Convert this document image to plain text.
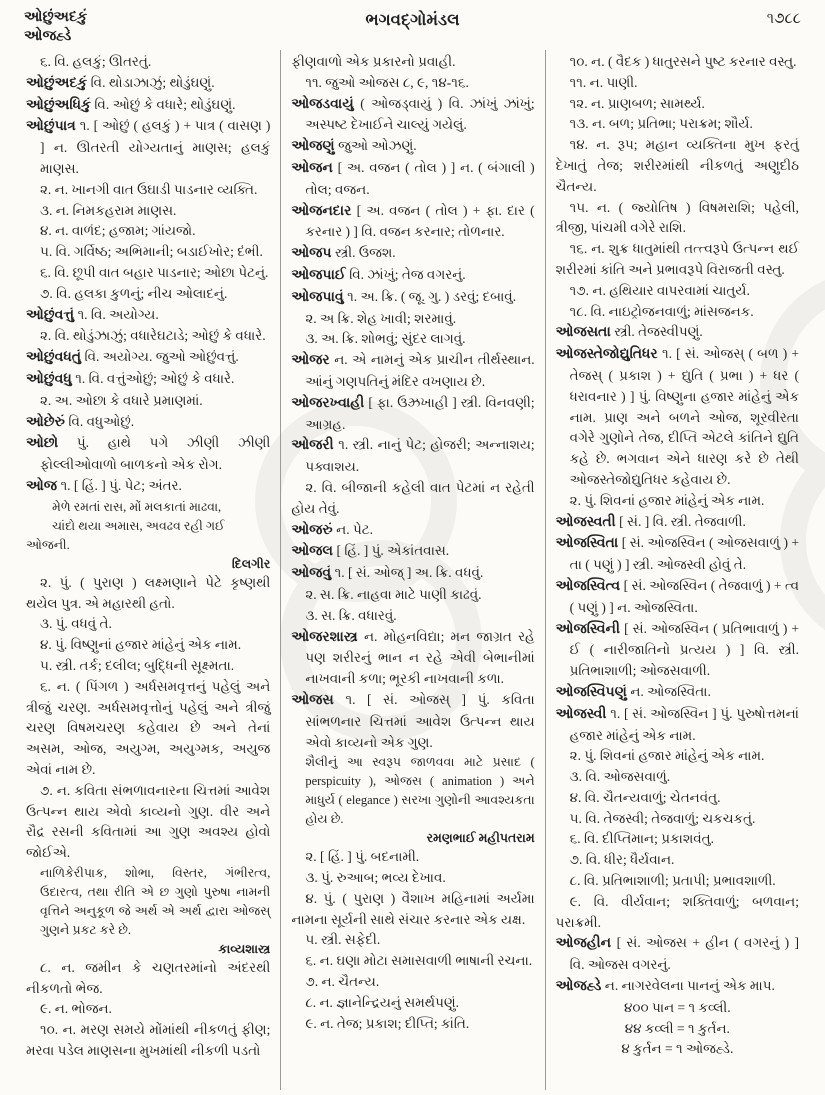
ઓછુંઅદકું
ઓજહ્ડે
ભગવદ્ગોમંડલ	૧૭૮૮

૬. વિ. હલકું; ઊતરતું.

ઓછુંઅદકું વિ. થોડાઝાઝું; થોડુંઘણું.

ઓછુંઅધિકું વિ. ઓછું કે વધારે; થોડુંઘણું.

ઓછુંપાત્ર ૧. [ ઓછું ( હલકું ) + પાત્ર ( વાસણ ) ] ન. ઊતરતી યોગ્યતાનું માણસ; હલકું માણસ.

૨. ન. ખાનગી વાત ઉઘાડી પાડનાર વ્યક્તિ.

૩. ન. નિમકહરામ માણસ.

૪. ન. વાળંદ; હજામ; ગાંયજો.

૫. વિ. ગર્વિષ્ઠ; અભિમાની; બડાઈખોર; દંભી.

૬. વિ. છૂપી વાત બહાર પાડનાર; ઓછા પેટનું.

૭. વિ. હલકા કુળનું; નીચ ઓલાદનું.

ઓછુંવત્તું ૧. વિ. અયોગ્ય.

૨. વિ. થોડુંઝાઝું; વધારેઘટાડે; ઓછું કે વધારે.

ઓછુંવધતું વિ. અયોગ્ય. જુઓ ઓછુંવત્તું.

ઓછુંવધુ ૧. વિ. વત્તુંઓછું; ઓછું કે વધારે.

૨. અ. ઓછા કે વધારે પ્રમાણમાં.

ઓછેરું વિ. વધુઓછું.

ઓછો પું. હાથે પગે ઝીણી ઝીણી ફોલ્લીઓવાળો બાળકનો એક રોગ.

ઓજ ૧. [ હિં. ] પું. પેટ; અંતર.

મેળે રમતાં રાસ, મોં મલકાતાં માઢવા,

ચાંદો થયા અમાસ, અવઢવ રહી ગઈ ઓજની.

દિલગીર

૨. પું. ( પુરાણ ) લક્ષ્મણાને પેટે કૃષ્ણથી થયેલ પુત્ર. એ મહારથી હતો.

૩. પું. વધવું તે.

૪. પું. વિષ્ણુનાં હજાર માંહેનું એક નામ.

૫. સ્ત્રી. તર્ક; દલીલ; બુદ્ધિની સૂક્ષ્મતા.

૬. ન. ( પિંગળ ) અર્ધસમવૃત્તનું પહેલું અને ત્રીજું ચરણ. અર્ધસમવૃત્તોનું પહેલું અને ત્રીજું ચરણ વિષમચરણ કહેવાય છે અને તેનાં અસમ, ઓજ, અયુગ્મ, અયુગ્મક, અયુજ એવાં નામ છે.

૭. ન. કવિતા સંભળાવનારના ચિત્તમાં આવેશ ઉત્પન્ન થાય એવો કાવ્યનો ગુણ. વીર અને રૌદ્ર રસની કવિતામાં આ ગુણ અવશ્ય હોવો જોઈએ.

નાળિકેરીપાક, શોભા, વિસ્તર, ગંભીરત્વ, ઉદારત્વ, તથા રીતિ એ છ ગુણો પુરુષા નામની વૃત્તિને અનુકૂળ જે અર્થ એ અર્થ દ્વારા ઓજસ્ ગુણને પ્રકટ કરે છે.

કાવ્યશાસ્ત્ર

૮. ન. જમીન કે ચણતરમાંનો અંદરથી નીકળતો ભેજ.

૯. ન. ભોજન.

૧૦. ન. મરણ સમયે મોંમાંથી નીકળતું ફીણ; મરવા પડેલ માણસના મુખમાંથી નીકળી પડતો

ફીણવાળો એક પ્રકારનો પ્રવાહી.

૧૧. જુઓ ઓજસ ૮, ૯, ૧૪-૧૬.

ઓજડવાયું ( ઓજડ્વાયું ) વિ. ઝાંખું ઝાંખું; અસ્પષ્ટ દેખાઈને ચાલ્યું ગયેલું.

ઓજણું જુઓ ઓઝણું.

ઓજન [ અ. વજન ( તોલ ) ] ન. ( બંગાલી ) તોલ; વજન.

ઓજનદાર [ અ. વજન ( તોલ ) + ફા. દાર ( કરનાર ) ] વિ. વજન કરનાર; તોળનાર.

ઓજપ સ્ત્રી. ઉજશ.

ઓજપાઈ વિ. ઝાંખું; તેજ વગરનું.

ઓજપાવું ૧. અ. ક્રિ. ( જૂ. ગુ. ) ડરવું; દબાવું.

૨. અ ક્રિ. શેહ ખાવી; શરમાવું.

૩. અ. ક્રિ. શોભવું; સુંદર લાગવું.

ઓજર ન. એ નામનું એક પ્રાચીન તીર્થસ્થાન. આંનું ગણપતિનું મંદિર વખણાય છે.

ઓજરખ્વાહી [ ફા. ઉઝ્રખાહી ] સ્ત્રી. વિનવણી; આગ્રહ.

ઓજરી ૧. સ્ત્રી. નાનું પેટ; હોજરી; અન્નાશય; પક્વાશય.

૨. વિ. બીજાની કહેલી વાત પેટમાં ન રહેતી હોય તેવું.

ઓજરું ન. પેટ.

ઓજલ [ હિં. ] પું. એકાંતવાસ.

ઓજવું ૧. [ સં. ઓજ્ ] અ. ક્રિ. વધવું.

૨. સ. ક્રિ. નાહવા માટે પાણી કાઢવું.

૩. સ. ક્રિ. વધારવું.

ઓજરશાસ્ત્ર ન. મોહનવિદ્યા; મન જાગ્રત રહે પણ શરીરનું ભાન ન રહે એવી બેભાનીમાં નાખવાની કળા; ભૂરકી નાખવાની કળા.

ઓજસ ૧. [ સં. ઓજસ્ ] પું. કવિતા સાંભળનાર ચિત્તમાં આવેશ ઉત્પન્ન થાય એવો કાવ્યનો એક ગુણ.

શૈલીનું આ સ્વરૂપ જાળવવા માટે પ્રસાદ ( perspicuity ), ઓજસ ( animation ) અને માધુર્ય ( elegance ) સરખા ગુણોની આવશ્યકતા હોય છે.

રમણભાઈ મહીપતરામ

૨. [ હિં. ] પું. બદનામી.

૩. પું. રુઆબ; ભવ્ય દેખાવ.

૪. પું. ( પુરાણ ) વૈશાખ મહિનામાં અર્યમા નામના સૂર્યની સાથે સંચાર કરનાર એક યક્ષ.

૫. સ્ત્રી. સફેદી.

૬. ન. ઘણા મોટા સમાસવાળી ભાષાની રચના.

૭. ન. ચૈતન્ય.

૮. ન. જ્ઞાનેન્દ્રિયનું સમર્થપણું.

૯. ન. તેજ; પ્રકાશ; દીપ્તિ; કાંતિ.

૧૦. ન. ( વૈદક ) ધાતુરસને પુષ્ટ કરનાર વસ્તુ.

૧૧. ન. પાણી.

૧૨. ન. પ્રાણબળ; સામર્થ્ય.

૧૩. ન. બળ; પ્રતિભા; પરાક્રમ; શૌર્ય.

૧૪. ન. રૂપ; મહાન વ્યક્તિના મુખ ફરતું દેખાતું તેજ; શરીરમાંથી નીકળતું અણુદીઠ ચૈતન્ય.

૧૫. ન. ( જ્યોતિષ ) વિષમરાશિ; પહેલી, ત્રીજી, પાંચમી વગેરે રાશિ.

૧૬. ન. શુક્ર ધાતુમાંથી તત્ત્વરૂપે ઉત્પન્ન થઈ શરીરમાં કાંતિ અને પ્રભાવરૂપે વિરાજતી વસ્તુ.

૧૭. ન. હથિયાર વાપરવામાં ચાતુર્ય.

૧૮. વિ. નાઇટ્રોજનવાળું; માંસજનક.

ઓજસતા સ્ત્રી. તેજસ્વીપણું.

ઓજસ્તેજોદ્યુતિધર ૧. [ સં. ઓજસ્ ( બળ ) + તેજસ્ ( પ્રકાશ ) + દ્યુતિ ( પ્રભા ) + ધર ( ધરાવનાર ) ] પું. વિષ્ણુના હજાર માંહેનું એક નામ. પ્રાણ અને બળને ઓજ, શૂરવીરતા વગેરે ગુણોને તેજ, દીપ્તિ એટલે કાંતિને દ્યુતિ કહે છે. ભગવાન એને ધારણ કરે છે તેથી ઓજસ્તેજોદ્યુતિધર કહેવાય છે.

૨. પું. શિવનાં હજાર માંહેનું એક નામ.

ઓજસ્વતી [ સં. ] વિ. સ્ત્રી. તેજવાળી.

ઓજસ્વિતા [ સં. ઓજસ્વિન ( ઓજસવાળું ) + તા ( પણું ) ] સ્ત્રી. ઓજસ્વી હોવું તે.

ઓજસ્વિત્વ [ સં. ઓજસ્વિન ( તેજવાળું ) + ત્વ ( પણું ) ] ન. ઓજસ્વિતા.

ઓજસ્વિની [ સં. ઓજસ્વિન ( પ્રતિભાવાળું ) + ઈ ( નારીજાતિનો પ્રત્યય ) ] વિ. સ્ત્રી. પ્રતિભાશાળી; ઓજસવાળી.

ઓજસ્વિપણું ન. ઓજસ્વિતા.

ઓજસ્વી ૧. [ સં. ઓજસ્વિન ] પું. પુરુષોત્તમનાં હજાર માંહેનું એક નામ.

૨. પું. શિવનાં હજાર માંહેનું એક નામ.

૩. વિ. ઓજસવાળું.

૪. વિ. ચૈતન્યવાળું; ચેતનવંતુ.

૫. વિ. તેજસ્વી; તેજવાળું; ચકચકતું.

૬. વિ. દીપ્તિમાન; પ્રકાશવંતુ.

૭. વિ. ધીર; ધૈર્યવાન.

૮. વિ. પ્રતિભાશાળી; પ્રતાપી; પ્રભાવશાળી.

૯. વિ. વીર્યવાન; શક્તિવાળું; બળવાન; પરાક્રમી.

ઓજહીન [ સં. ઓજસ + હીન ( વગરનું ) ] વિ. ઓજસ વગરનું.

ઓજહ્ડે ન. નાગરવેલના પાનનું એક માપ.

૪૦૦ પાન = ૧ કવ્લી.

૪૪ કવ્લી = ૧ કુર્તન.

૪ કુર્તન = ૧ ઓજહ્ડે.
